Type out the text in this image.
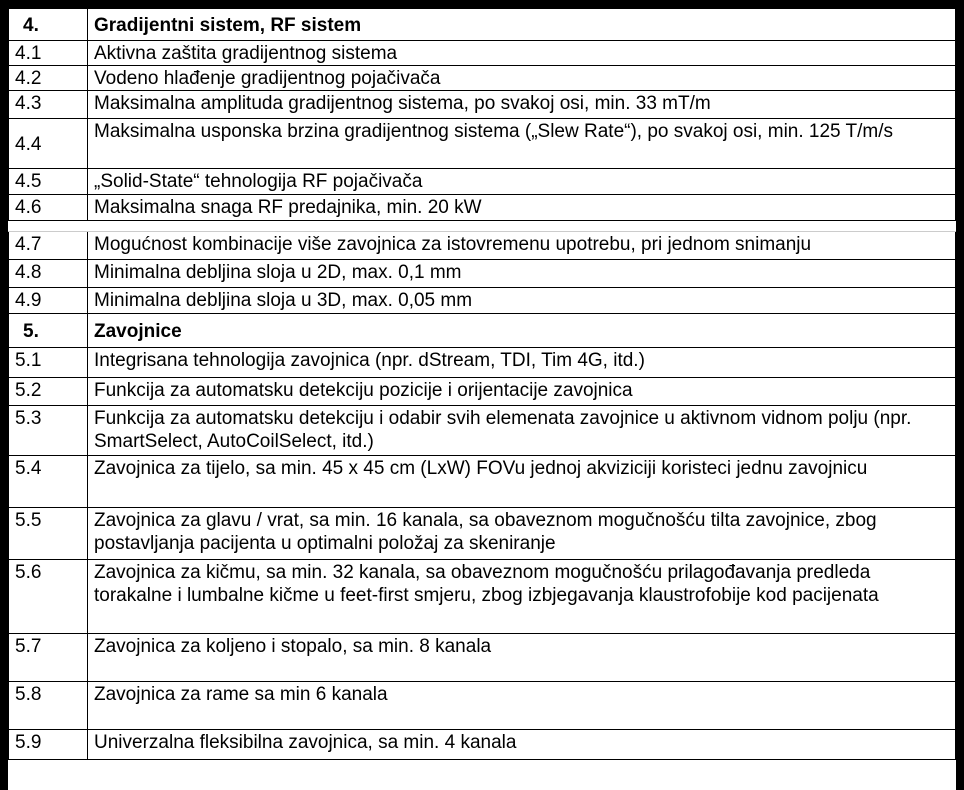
4.	Gradijentni sistem, RF sistem
4.1	Aktivna zaštita gradijentnog sistema
4.2	Vodeno hlađenje gradijentnog pojačivača
4.3	Maksimalna amplituda gradijentnog sistema, po svakoj osi, min. 33 mT/m
4.4	Maksimalna usponska brzina gradijentnog sistema („Slew Rate“), po svakoj osi, min. 125 T/m/s
4.5	„Solid-State“ tehnologija RF pojačivača
4.6	Maksimalna snaga RF predajnika, min. 20 kW

4.7	Mogućnost kombinacije više zavojnica za istovremenu upotrebu, pri jednom snimanju
4.8	Minimalna debljina sloja u 2D, max. 0,1 mm
4.9	Minimalna debljina sloja u 3D, max. 0,05 mm
5.	Zavojnice
5.1	Integrisana tehnologija zavojnica (npr. dStream, TDI, Tim 4G, itd.)
5.2	Funkcija za automatsku detekciju pozicije i orijentacije zavojnica
5.3	Funkcija za automatsku detekciju i odabir svih elemenata zavojnice u aktivnom vidnom polju (npr. SmartSelect, AutoCoilSelect, itd.)
5.4	Zavojnica za tijelo, sa min. 45 x 45 cm (LxW) FOVu jednoj akviziciji koristeci jednu zavojnicu
5.5	Zavojnica za glavu / vrat, sa min. 16 kanala, sa obaveznom mogučnošću tilta zavojnice, zbog postavljanja pacijenta u optimalni položaj za skeniranje
5.6	Zavojnica za kičmu, sa min. 32 kanala, sa obaveznom mogučnošću prilagođavanja predleda torakalne i lumbalne kičme u feet-first smjeru, zbog izbjegavanja klaustrofobije kod pacijenata
5.7	Zavojnica za koljeno i stopalo, sa min. 8 kanala
5.8	Zavojnica za rame sa min 6 kanala
5.9	Univerzalna fleksibilna zavojnica, sa min. 4 kanala
